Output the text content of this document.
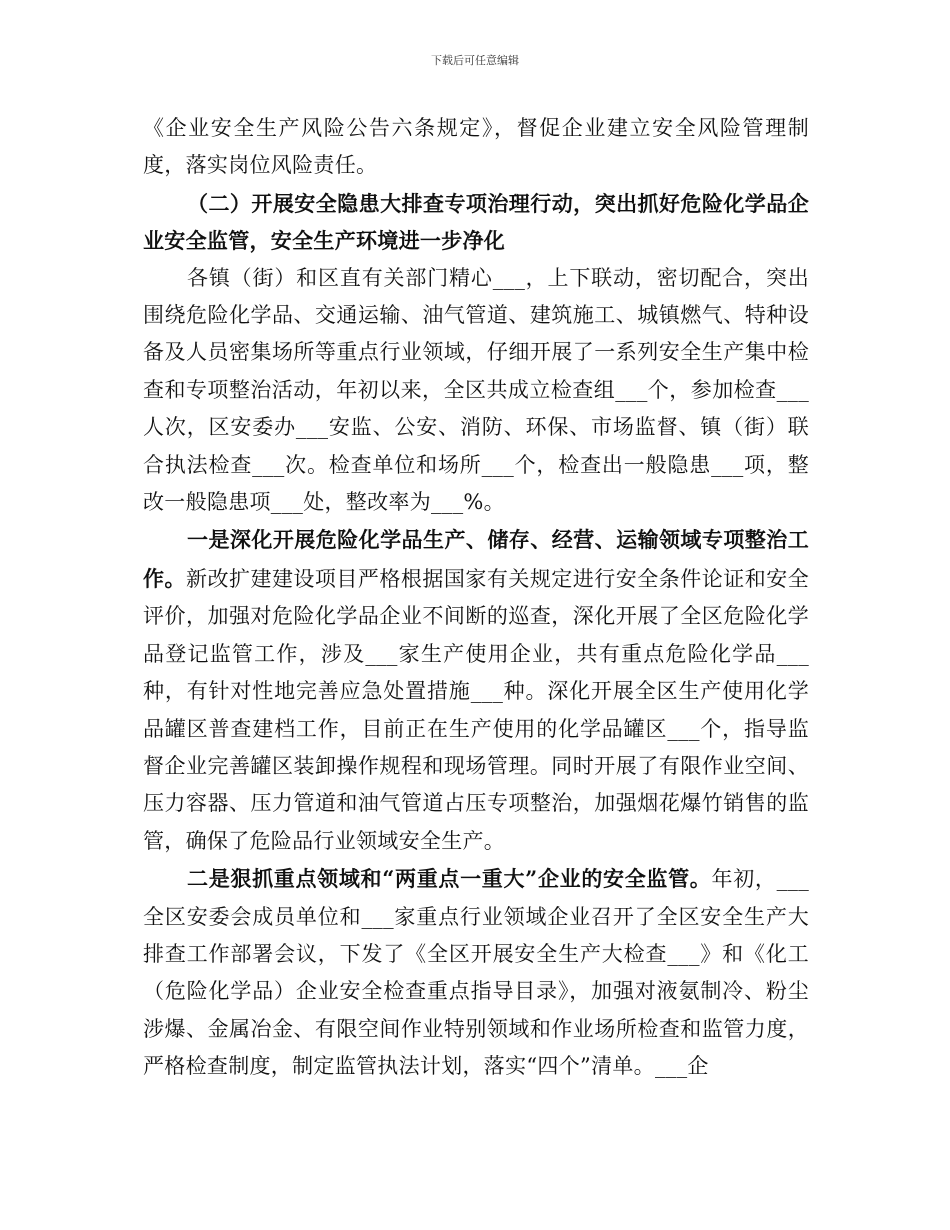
下载后可任意编辑

《企业安全生产风险公告六条规定》，督促企业建立安全风险管理制度，落实岗位风险责任。

（二）开展安全隐患大排查专项治理行动，突出抓好危险化学品企业安全监管，安全生产环境进一步净化

各镇（街）和区直有关部门精心___，上下联动，密切配合，突出围绕危险化学品、交通运输、油气管道、建筑施工、城镇燃气、特种设备及人员密集场所等重点行业领域，仔细开展了一系列安全生产集中检查和专项整治活动，年初以来，全区共成立检查组___个，参加检查___人次，区安委办___安监、公安、消防、环保、市场监督、镇（街）联合执法检查___次。检查单位和场所___个，检查出一般隐患___项，整改一般隐患项___处，整改率为___%。

一是深化开展危险化学品生产、储存、经营、运输领域专项整治工作。新改扩建建设项目严格根据国家有关规定进行安全条件论证和安全评价，加强对危险化学品企业不间断的巡查，深化开展了全区危险化学品登记监管工作，涉及___家生产使用企业，共有重点危险化学品___种，有针对性地完善应急处置措施___种。深化开展全区生产使用化学品罐区普查建档工作，目前正在生产使用的化学品罐区___个，指导监督企业完善罐区装卸操作规程和现场管理。同时开展了有限作业空间、压力容器、压力管道和油气管道占压专项整治，加强烟花爆竹销售的监管，确保了危险品行业领域安全生产。

二是狠抓重点领域和“两重点一重大”企业的安全监管。年初，___全区安委会成员单位和___家重点行业领域企业召开了全区安全生产大排查工作部署会议，下发了《全区开展安全生产大检查___》和《化工（危险化学品）企业安全检查重点指导目录》，加强对液氨制冷、粉尘涉爆、金属冶金、有限空间作业特别领域和作业场所检查和监管力度，严格检查制度，制定监管执法计划，落实“四个”清单。___企
